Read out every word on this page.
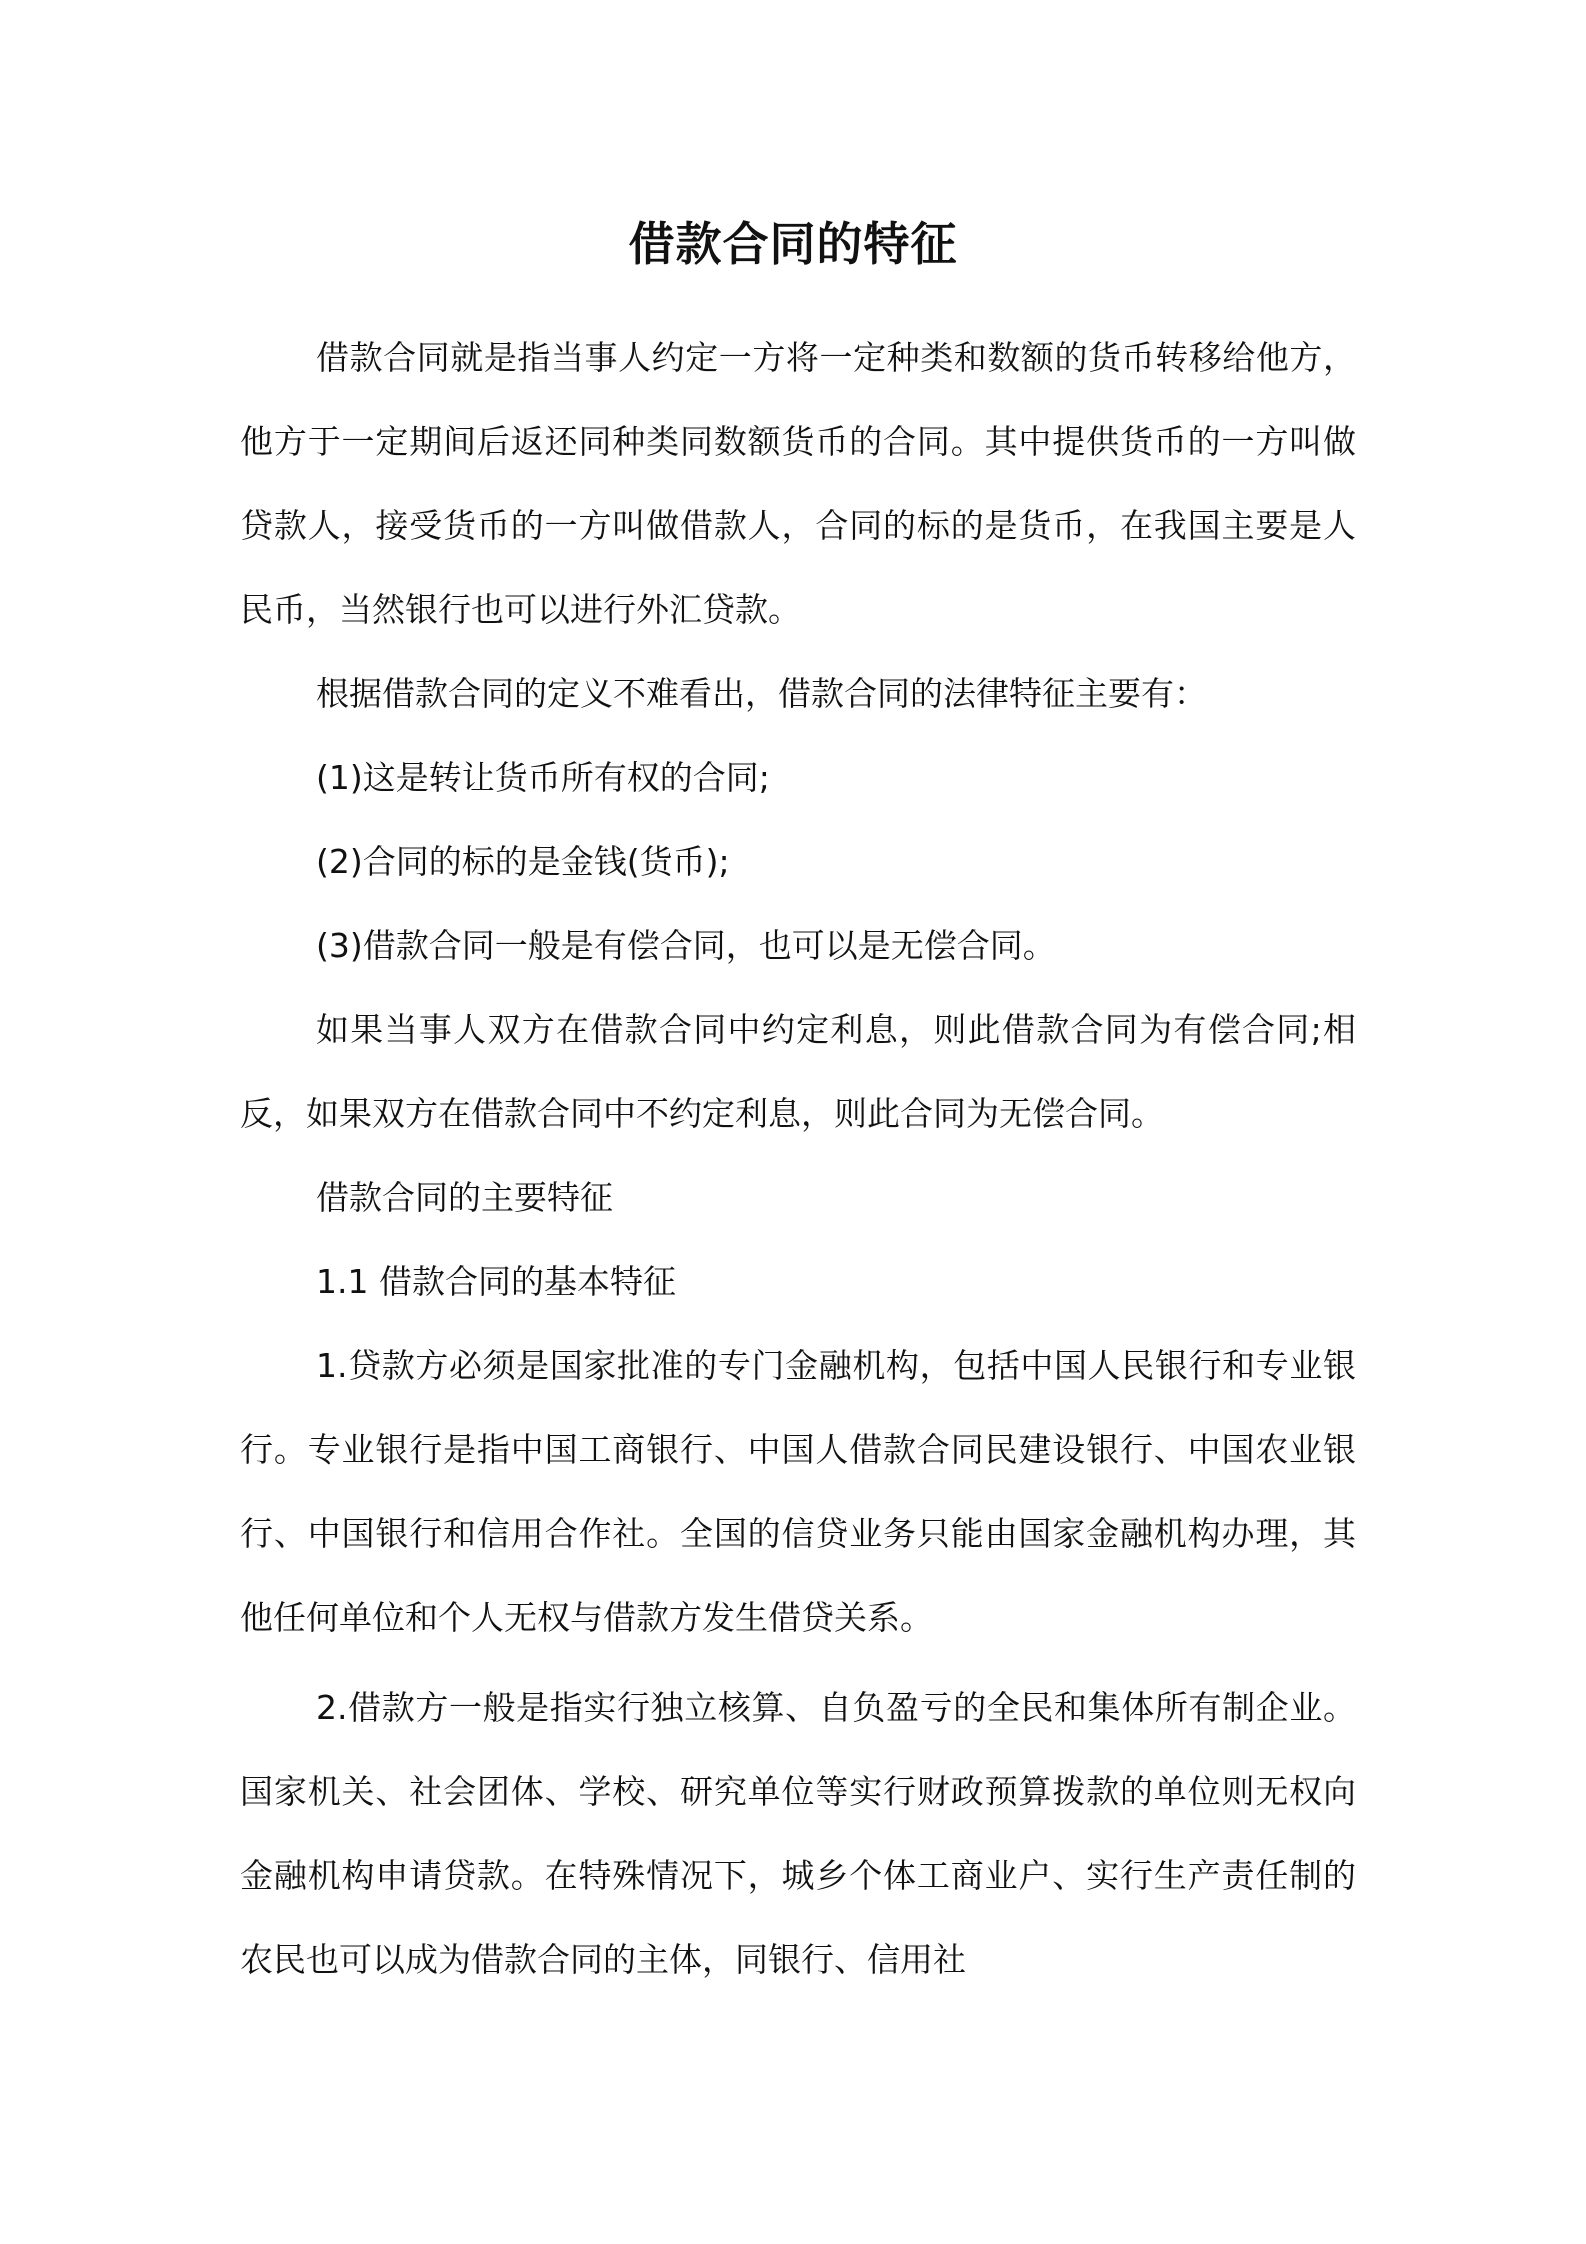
借款合同的特征

借款合同就是指当事人约定一方将一定种类和数额的货币转移给他方，他方于一定期间后返还同种类同数额货币的合同。其中提供货币的一方叫做贷款人，接受货币的一方叫做借款人，合同的标的是货币，在我国主要是人民币，当然银行也可以进行外汇贷款。

根据借款合同的定义不难看出，借款合同的法律特征主要有：

(1)这是转让货币所有权的合同;

(2)合同的标的是金钱(货币);

(3)借款合同一般是有偿合同，也可以是无偿合同。

如果当事人双方在借款合同中约定利息，则此借款合同为有偿合同;相反，如果双方在借款合同中不约定利息，则此合同为无偿合同。

借款合同的主要特征

1.1 借款合同的基本特征

1.贷款方必须是国家批准的专门金融机构，包括中国人民银行和专业银行。专业银行是指中国工商银行、中国人借款合同民建设银行、中国农业银行、中国银行和信用合作社。全国的信贷业务只能由国家金融机构办理，其他任何单位和个人无权与借款方发生借贷关系。

2.借款方一般是指实行独立核算、自负盈亏的全民和集体所有制企业。国家机关、社会团体、学校、研究单位等实行财政预算拨款的单位则无权向金融机构申请贷款。在特殊情况下，城乡个体工商业户、实行生产责任制的农民也可以成为借款合同的主体，同银行、信用社
